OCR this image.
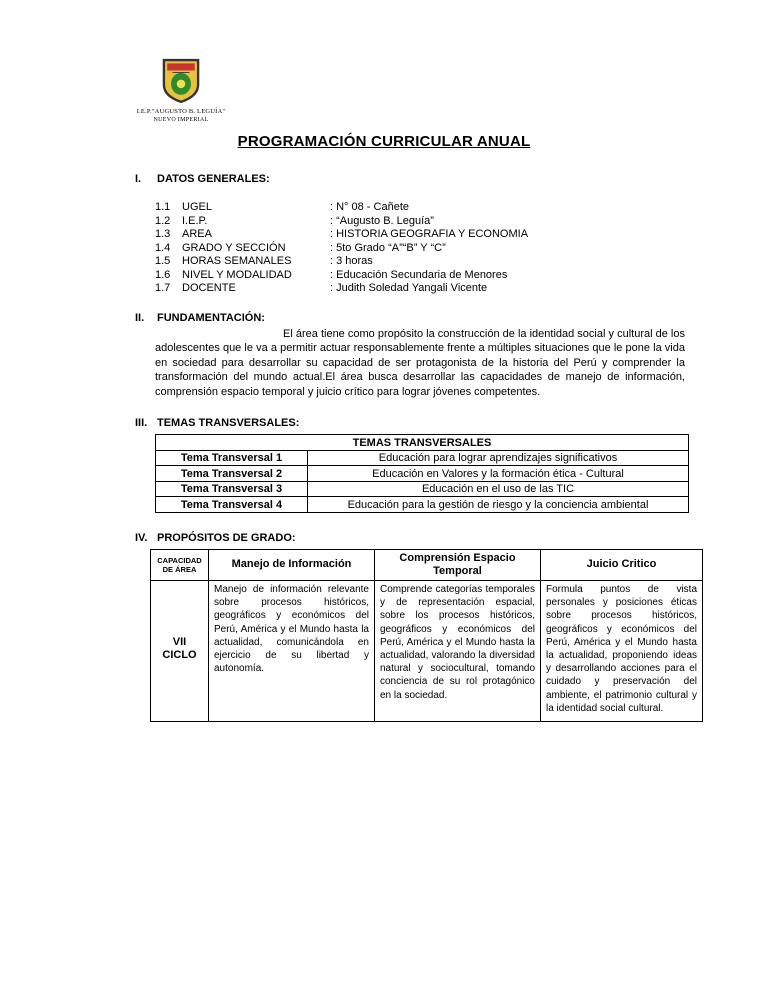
I.E.P."AUGUSTO B. LEGUÍA"
NUEVO IMPERIAL
PROGRAMACIÓN CURRICULAR ANUAL
I. DATOS GENERALES:
1.1 UGEL	: N° 08 - Cañete
1.2 I.E.P.	: “Augusto B. Leguía”
1.3 AREA	: HISTORIA GEOGRAFIA Y ECONOMIA
1.4 GRADO Y SECCIÓN	: 5to Grado “A”“B” Y “C”
1.5 HORAS SEMANALES	: 3 horas
1.6 NIVEL Y MODALIDAD	: Educación Secundaria de Menores
1.7 DOCENTE	: Judith Soledad Yangali Vicente
II. FUNDAMENTACIÓN:
El área tiene como propósito la construcción de la identidad social y cultural de los adolescentes que le va a permitir actuar responsablemente frente a múltiples situaciones que le pone la vida en sociedad para desarrollar su capacidad de ser protagonista de la historia del Perú y comprender la transformación del mundo actual.El área busca desarrollar las capacidades de manejo de información, comprensión espacio temporal y juicio crítico para lograr jóvenes competentes.
III. TEMAS TRANSVERSALES:
TEMAS TRANSVERSALES	
Tema Transversal 1	Educación para lograr aprendizajes significativos
Tema Transversal 2	Educación en Valores y la formación ética - Cultural
Tema Transversal 3	Educación en el uso de las TIC
Tema Transversal 4	Educación para la gestión de riesgo y la conciencia ambiental
IV. PROPÓSITOS DE GRADO:
CAPACIDAD DE ÁREA	Manejo de Información	Comprensión Espacio Temporal	Juicio Critico
VII CICLO	Manejo de información relevante sobre procesos históricos, geográficos y económicos del Perú, América y el Mundo hasta la actualidad, comunicándola en ejercicio de su libertad y autonomía.	Comprende categorías temporales y de representación espacial, sobre los procesos históricos, geográficos y económicos del Perú, América y el Mundo hasta la actualidad, valorando la diversidad natural y sociocultural, tomando conciencia de su rol protagónico en la sociedad.	Formula puntos de vista personales y posiciones éticas sobre procesos históricos, geográficos y económicos del Perú, América y el Mundo hasta la actualidad, proponiendo ideas y desarrollando acciones para el cuidado y preservación del ambiente, el patrimonio cultural y la identidad social cultural.
